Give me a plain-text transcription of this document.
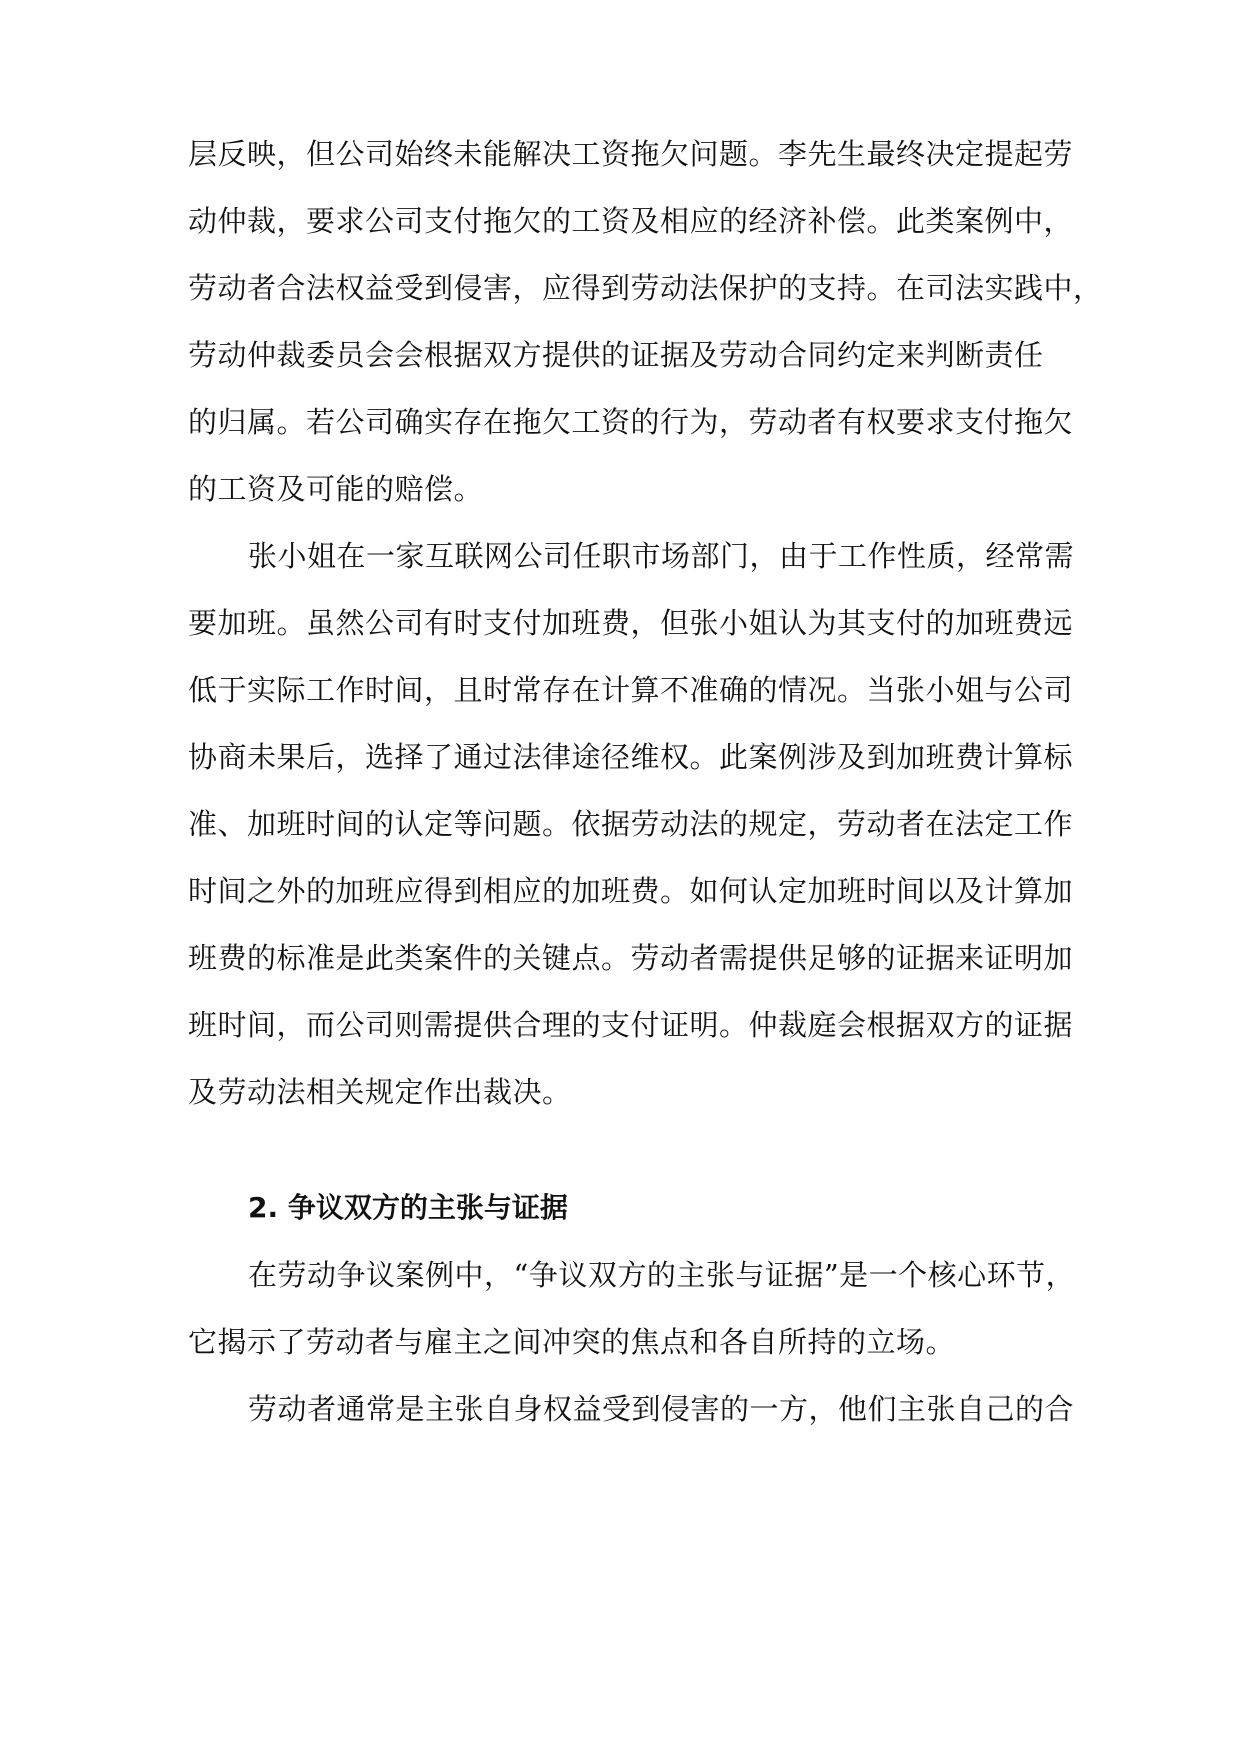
层反映，但公司始终未能解决工资拖欠问题。李先生最终决定提起劳
动仲裁，要求公司支付拖欠的工资及相应的经济补偿。此类案例中，
劳动者合法权益受到侵害，应得到劳动法保护的支持。在司法实践中，
劳动仲裁委员会会根据双方提供的证据及劳动合同约定来判断责任
的归属。若公司确实存在拖欠工资的行为，劳动者有权要求支付拖欠
的工资及可能的赔偿。
张小姐在一家互联网公司任职市场部门，由于工作性质，经常需
要加班。虽然公司有时支付加班费，但张小姐认为其支付的加班费远
低于实际工作时间，且时常存在计算不准确的情况。当张小姐与公司
协商未果后，选择了通过法律途径维权。此案例涉及到加班费计算标
准、加班时间的认定等问题。依据劳动法的规定，劳动者在法定工作
时间之外的加班应得到相应的加班费。如何认定加班时间以及计算加
班费的标准是此类案件的关键点。劳动者需提供足够的证据来证明加
班时间，而公司则需提供合理的支付证明。仲裁庭会根据双方的证据
及劳动法相关规定作出裁决。
2. 争议双方的主张与证据
在劳动争议案例中，“争议双方的主张与证据”是一个核心环节，
它揭示了劳动者与雇主之间冲突的焦点和各自所持的立场。
劳动者通常是主张自身权益受到侵害的一方，他们主张自己的合
